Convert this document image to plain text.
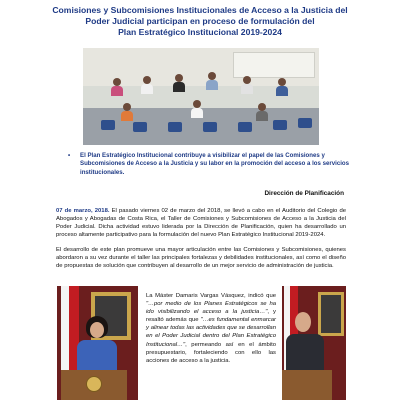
Comisiones y Subcomisiones Institucionales de Acceso a la Justicia del
Poder Judicial participan en proceso de formulación del
Plan Estratégico Institucional 2019-2024
• El Plan Estratégico Institucional contribuye a visibilizar el papel de las Comisiones y Subcomisiones de Acceso a la Justicia y su labor en la promoción del acceso a los servicios institucionales.
Dirección de Planificación
07 de marzo, 2018. El pasado viernes 02 de marzo del 2018, se llevó a cabo en el Auditorio del Colegio de Abogados y Abogadas de Costa Rica, el Taller de Comisiones y Subcomisiones de Acceso a la Justicia del Poder Judicial. Dicha actividad estuvo liderada por la Dirección de Planificación, quien ha desarrollado un proceso altamente participativo para la formulación del nuevo Plan Estratégico Institucional 2019-2024.
El desarrollo de este plan promueve una mayor articulación entre las Comisiones y Subcomisiones, quienes abordaron a su vez durante el taller las principales fortalezas y debilidades institucionales, así como el diseño de propuestas de solución que contribuyen al desarrollo de un mejor servicio de administración de justicia.
La Máster Damaris Vargas Vásquez, indicó que "…por medio de los Planes Estratégicos se ha ido visibilizando el acceso a la justicia…", y resaltó además que "…es fundamental enmarcar y alinear todas las actividades que se desarrollan en el Poder Judicial dentro del Plan Estratégico Institucional…", permeando así en el ámbito presupuestario, fortaleciendo con ello las acciones de acceso a la justicia.
